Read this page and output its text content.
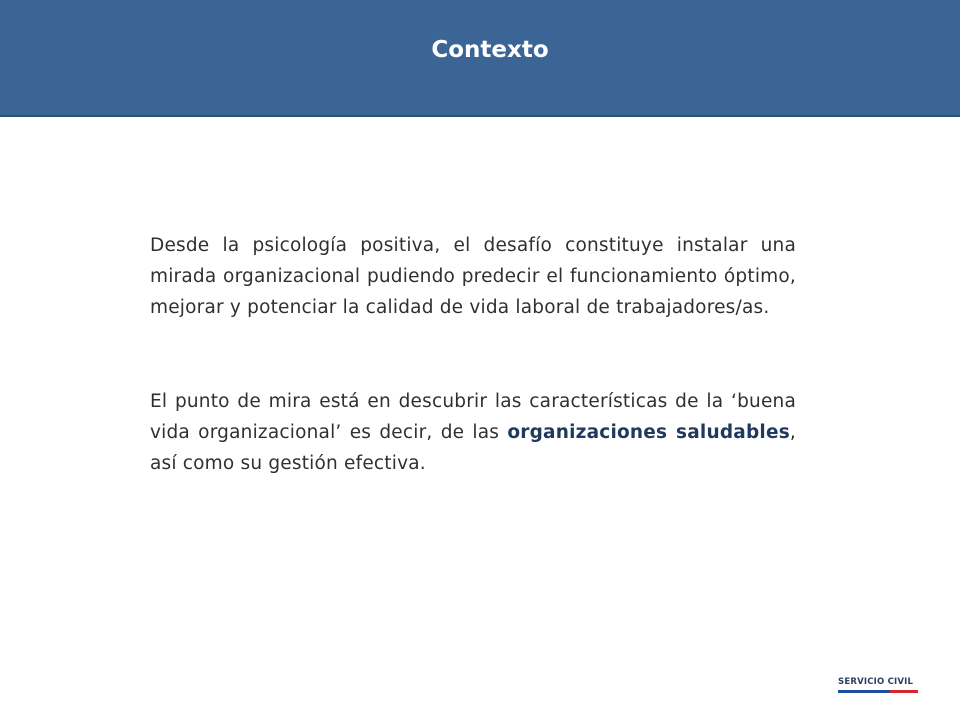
Contexto
Desde la psicología positiva, el desafío constituye instalar una mirada organizacional pudiendo predecir el funcionamiento óptimo, mejorar y potenciar la calidad de vida laboral de trabajadores/as.
El punto de mira está en descubrir las características de la ‘buena vida organizacional’ es decir, de las organizaciones saludables, así como su gestión efectiva.
SERVICIO CIVIL
